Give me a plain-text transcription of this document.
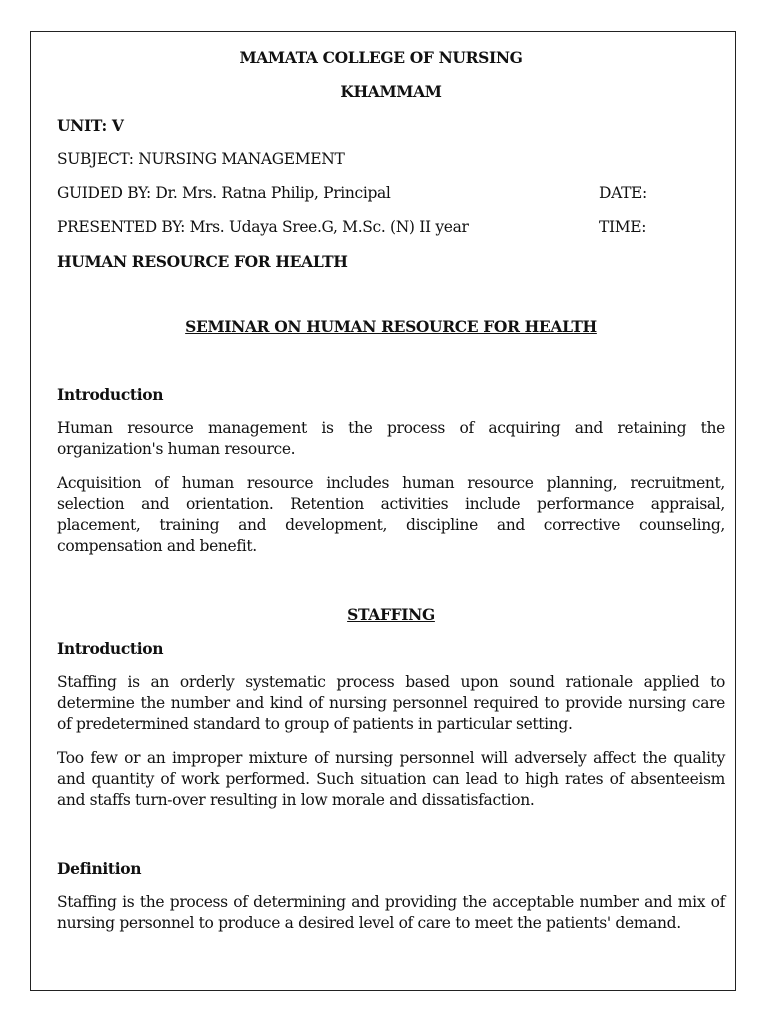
MAMATA COLLEGE OF NURSING

KHAMMAM

UNIT: V

SUBJECT: NURSING MANAGEMENT

GUIDED BY: Dr. Mrs. Ratna Philip, Principal	DATE:
PRESENTED BY: Mrs. Udaya Sree.G, M.Sc. (N) II year	TIME:

HUMAN RESOURCE FOR HEALTH

SEMINAR ON HUMAN RESOURCE FOR HEALTH

Introduction

Human resource management is the process of acquiring and retaining the organization's human resource.

Acquisition of human resource includes human resource planning, recruitment, selection and orientation. Retention activities include performance appraisal, placement, training and development, discipline and corrective counseling, compensation and benefit.

STAFFING

Introduction

Staffing is an orderly systematic process based upon sound rationale applied to determine the number and kind of nursing personnel required to provide nursing care of predetermined standard to group of patients in particular setting.

Too few or an improper mixture of nursing personnel will adversely affect the quality and quantity of work performed. Such situation can lead to high rates of absenteeism and staffs turn-over resulting in low morale and dissatisfaction.

Definition

Staffing is the process of determining and providing the acceptable number and mix of nursing personnel to produce a desired level of care to meet the patients' demand.
